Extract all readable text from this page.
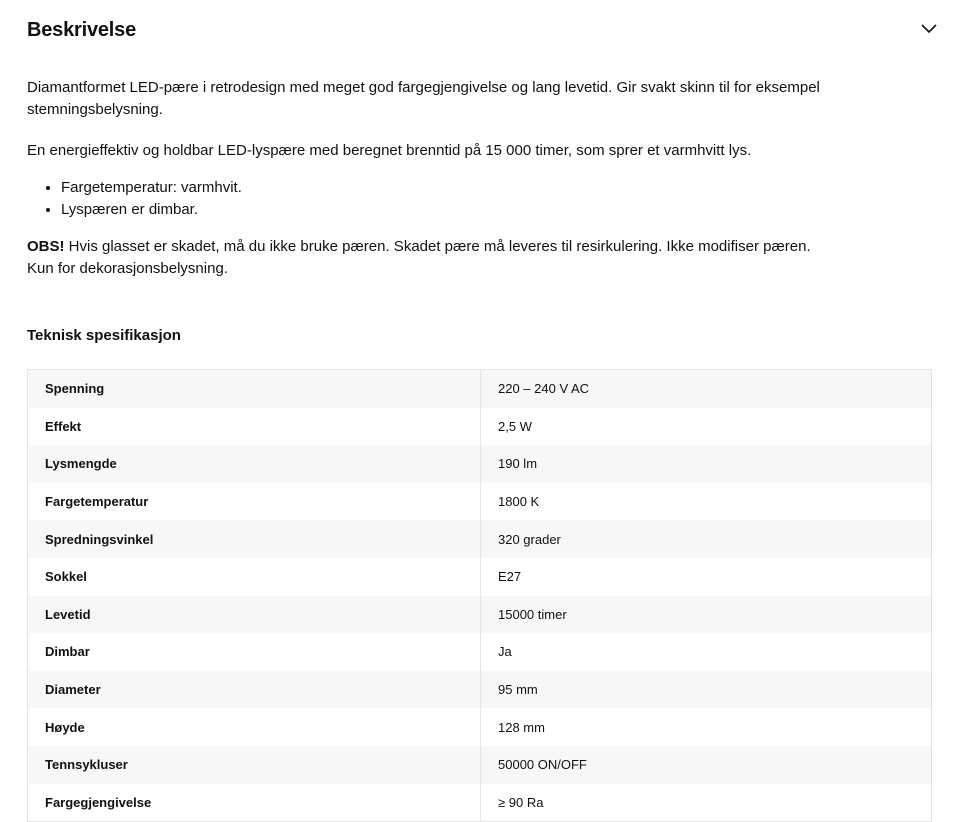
Beskrivelse

Diamantformet LED-pære i retrodesign med meget god fargegjengivelse og lang levetid. Gir svakt skinn til for eksempel stemningsbelysning.

En energieffektiv og holdbar LED-lyspære med beregnet brenntid på 15 000 timer, som sprer et varmhvitt lys.

• Fargetemperatur: varmhvit.
• Lyspæren er dimbar.

OBS! Hvis glasset er skadet, må du ikke bruke pæren. Skadet pære må leveres til resirkulering. Ikke modifiser pæren.

Kun for dekorasjonsbelysning.

Teknisk spesifikasjon
Spenning	220 – 240 V AC
Effekt	2,5 W
Lysmengde	190 lm
Fargetemperatur	1800 K
Spredningsvinkel	320 grader
Sokkel	E27
Levetid	15000 timer
Dimbar	Ja
Diameter	95 mm
Høyde	128 mm
Tennsykluser	50000 ON/OFF
Fargegjengivelse	≥ 90 Ra
